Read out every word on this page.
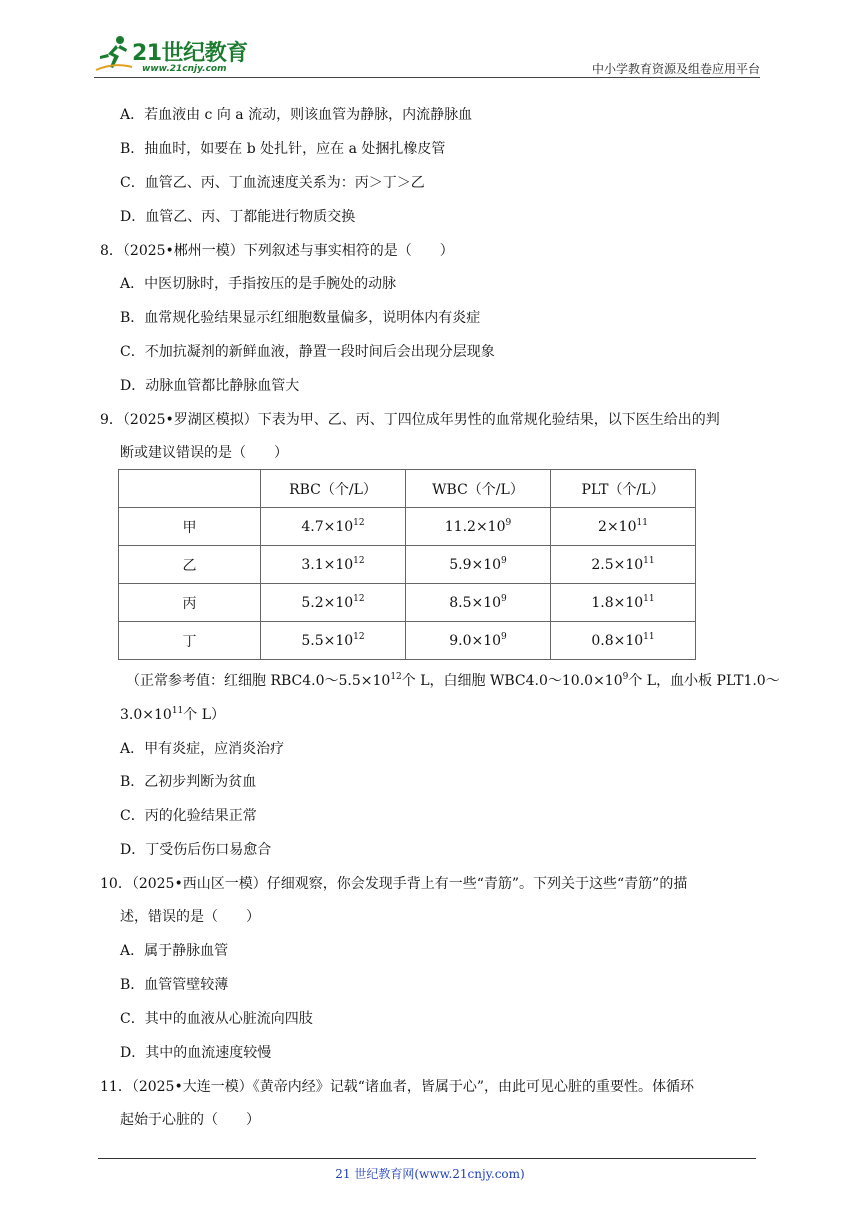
21世纪教育
www.21cnjy.com	中小学教育资源及组卷应用平台
A．若血液由 c 向 a 流动，则该血管为静脉，内流静脉血
B．抽血时，如要在 b 处扎针，应在 a 处捆扎橡皮管
C．血管乙、丙、丁血流速度关系为：丙＞丁＞乙
D．血管乙、丙、丁都能进行物质交换
8．（2025•郴州一模）下列叙述与事实相符的是（　　）
A．中医切脉时，手指按压的是手腕处的动脉
B．血常规化验结果显示红细胞数量偏多，说明体内有炎症
C．不加抗凝剂的新鲜血液，静置一段时间后会出现分层现象
D．动脉血管都比静脉血管大
9．（2025•罗湖区模拟）下表为甲、乙、丙、丁四位成年男性的血常规化验结果，以下医生给出的判
断或建议错误的是（　　）
	RBC（个/L）	WBC（个/L）	PLT（个/L）
甲	$4.7\times 10^{12}$	$11.2\times 10^9$	$2\times 10^{11}$
乙	$3.1\times 10^{12}$	$5.9\times 10^9$	$2.5\times 10^{11}$
丙	$5.2\times 10^{12}$	$8.5\times 10^9$	$1.8\times 10^{11}$
丁	$5.5\times 10^{12}$	$9.0\times 10^9$	$0.8\times 10^{11}$
（正常参考值：红细胞 $RBC4.0\sim 5.5\times 10^{12}$个 L，白细胞 $WBC4.0\sim 10.0\times 10^9$个 L，血小板 PLT1.0～
$3.0\times 10^{11}$个 L）
A．甲有炎症，应消炎治疗
B．乙初步判断为贫血
C．丙的化验结果正常
D．丁受伤后伤口易愈合
10．（2025•西山区一模）仔细观察，你会发现手背上有一些“青筋”。下列关于这些“青筋”的描
述，错误的是（　　）
A．属于静脉血管
B．血管管壁较薄
C．其中的血液从心脏流向四肢
D．其中的血流速度较慢
11．（2025•大连一模）《黄帝内经》记载“诸血者，皆属于心”，由此可见心脏的重要性。体循环
起始于心脏的（　　）
21 世纪教育网(www.21cnjy.com)
